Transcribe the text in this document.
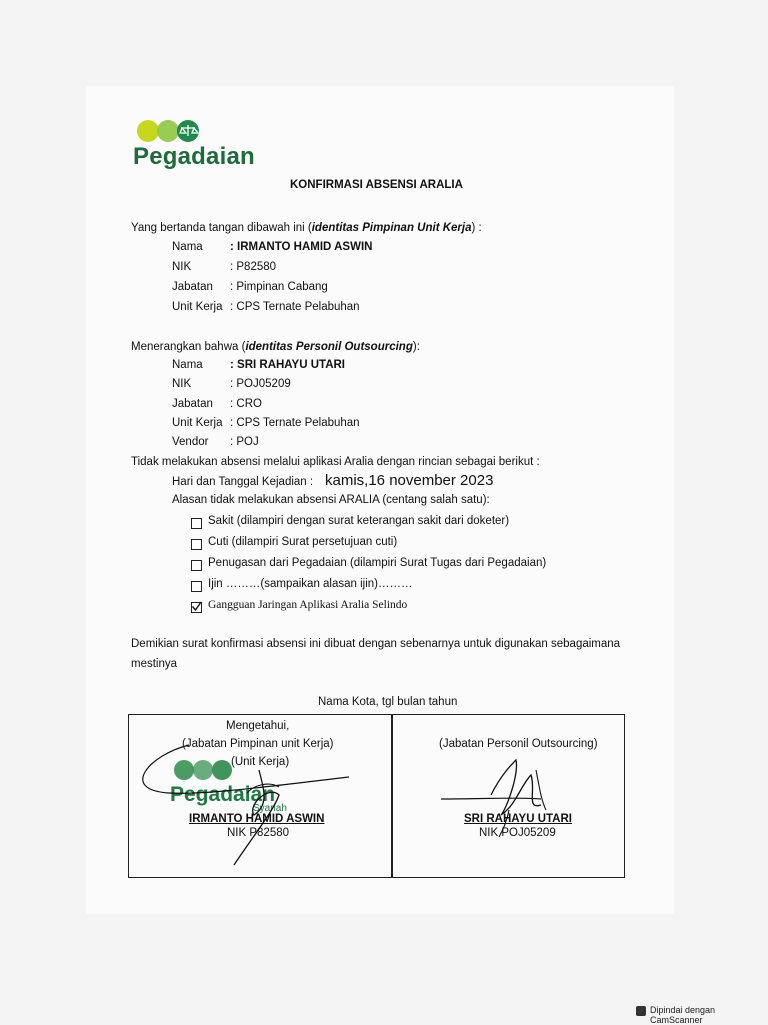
Pegadaian
KONFIRMASI ABSENSI ARALIA
Yang bertanda tangan dibawah ini (identitas Pimpinan Unit Kerja) :
Nama : IRMANTO HAMID ASWIN
NIK	: P82580
Jabatan : Pimpinan Cabang
Unit Kerja : CPS Ternate Pelabuhan
Menerangkan bahwa (identitas Personil Outsourcing):
Nama : SRI RAHAYU UTARI
NIK	: POJ05209
Jabatan : CRO
Unit Kerja : CPS Ternate Pelabuhan
Vendor : POJ
Tidak melakukan absensi melalui aplikasi Aralia dengan rincian sebagai berikut :
Hari dan Tanggal Kejadian : kamis,16 november 2023
Alasan tidak melakukan absensi ARALIA (centang salah satu):
Sakit (dilampiri dengan surat keterangan sakit dari doketer)
Cuti (dilampiri Surat persetujuan cuti)
Penugasan dari Pegadaian (dilampiri Surat Tugas dari Pegadaian)
Ijin ………(sampaikan alasan ijin)………
Gangguan Jaringan Aplikasi Aralia Selindo
Demikian surat konfirmasi absensi ini dibuat dengan sebenarnya untuk digunakan sebagaimana
mestinya
Nama Kota, tgl bulan tahun
Mengetahui,
(Jabatan Pimpinan unit Kerja)
(Unit Kerja)
Pegadaian
Syariah
IRMANTO HAMID ASWIN
NIK P82580
(Jabatan Personil Outsourcing)
SRI RAHAYU UTARI
NIK POJ05209
Dipindai dengan CamScanner
